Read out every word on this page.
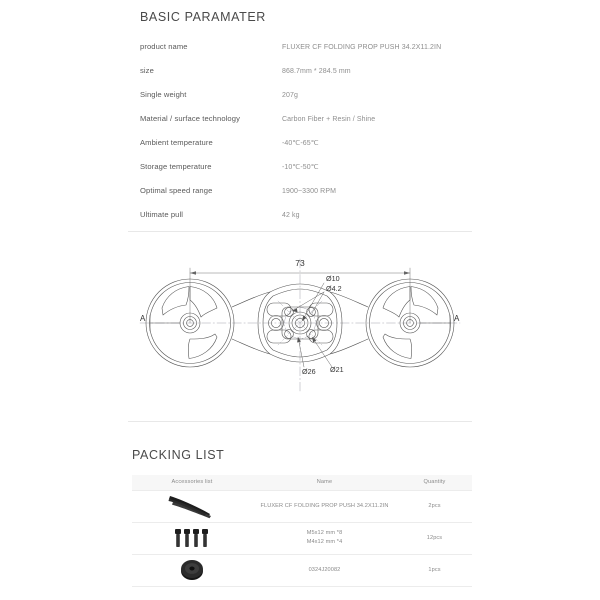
BASIC PARAMATER
product name	FLUXER CF FOLDING PROP PUSH 34.2X11.2IN
size	868.7mm * 284.5 mm
Single weight	207g
Material / surface technology	Carbon Fiber + Resin / Shine
Ambient temperature	-40℃-65℃
Storage temperature	-10℃-50℃
Optimal speed range	1900~3300 RPM
Ultimate pull	42 kg
73
Ø10
Ø4.2
Ø26 Ø21
A	A
PACKING LIST
Accessories list	Name	Quantity

FLUXER CF FOLDING PROP PUSH 34.2X11.2IN	2pcs

M5x12 mm *8
M4x12 mm *4	12pcs

0324J20082	1pcs
